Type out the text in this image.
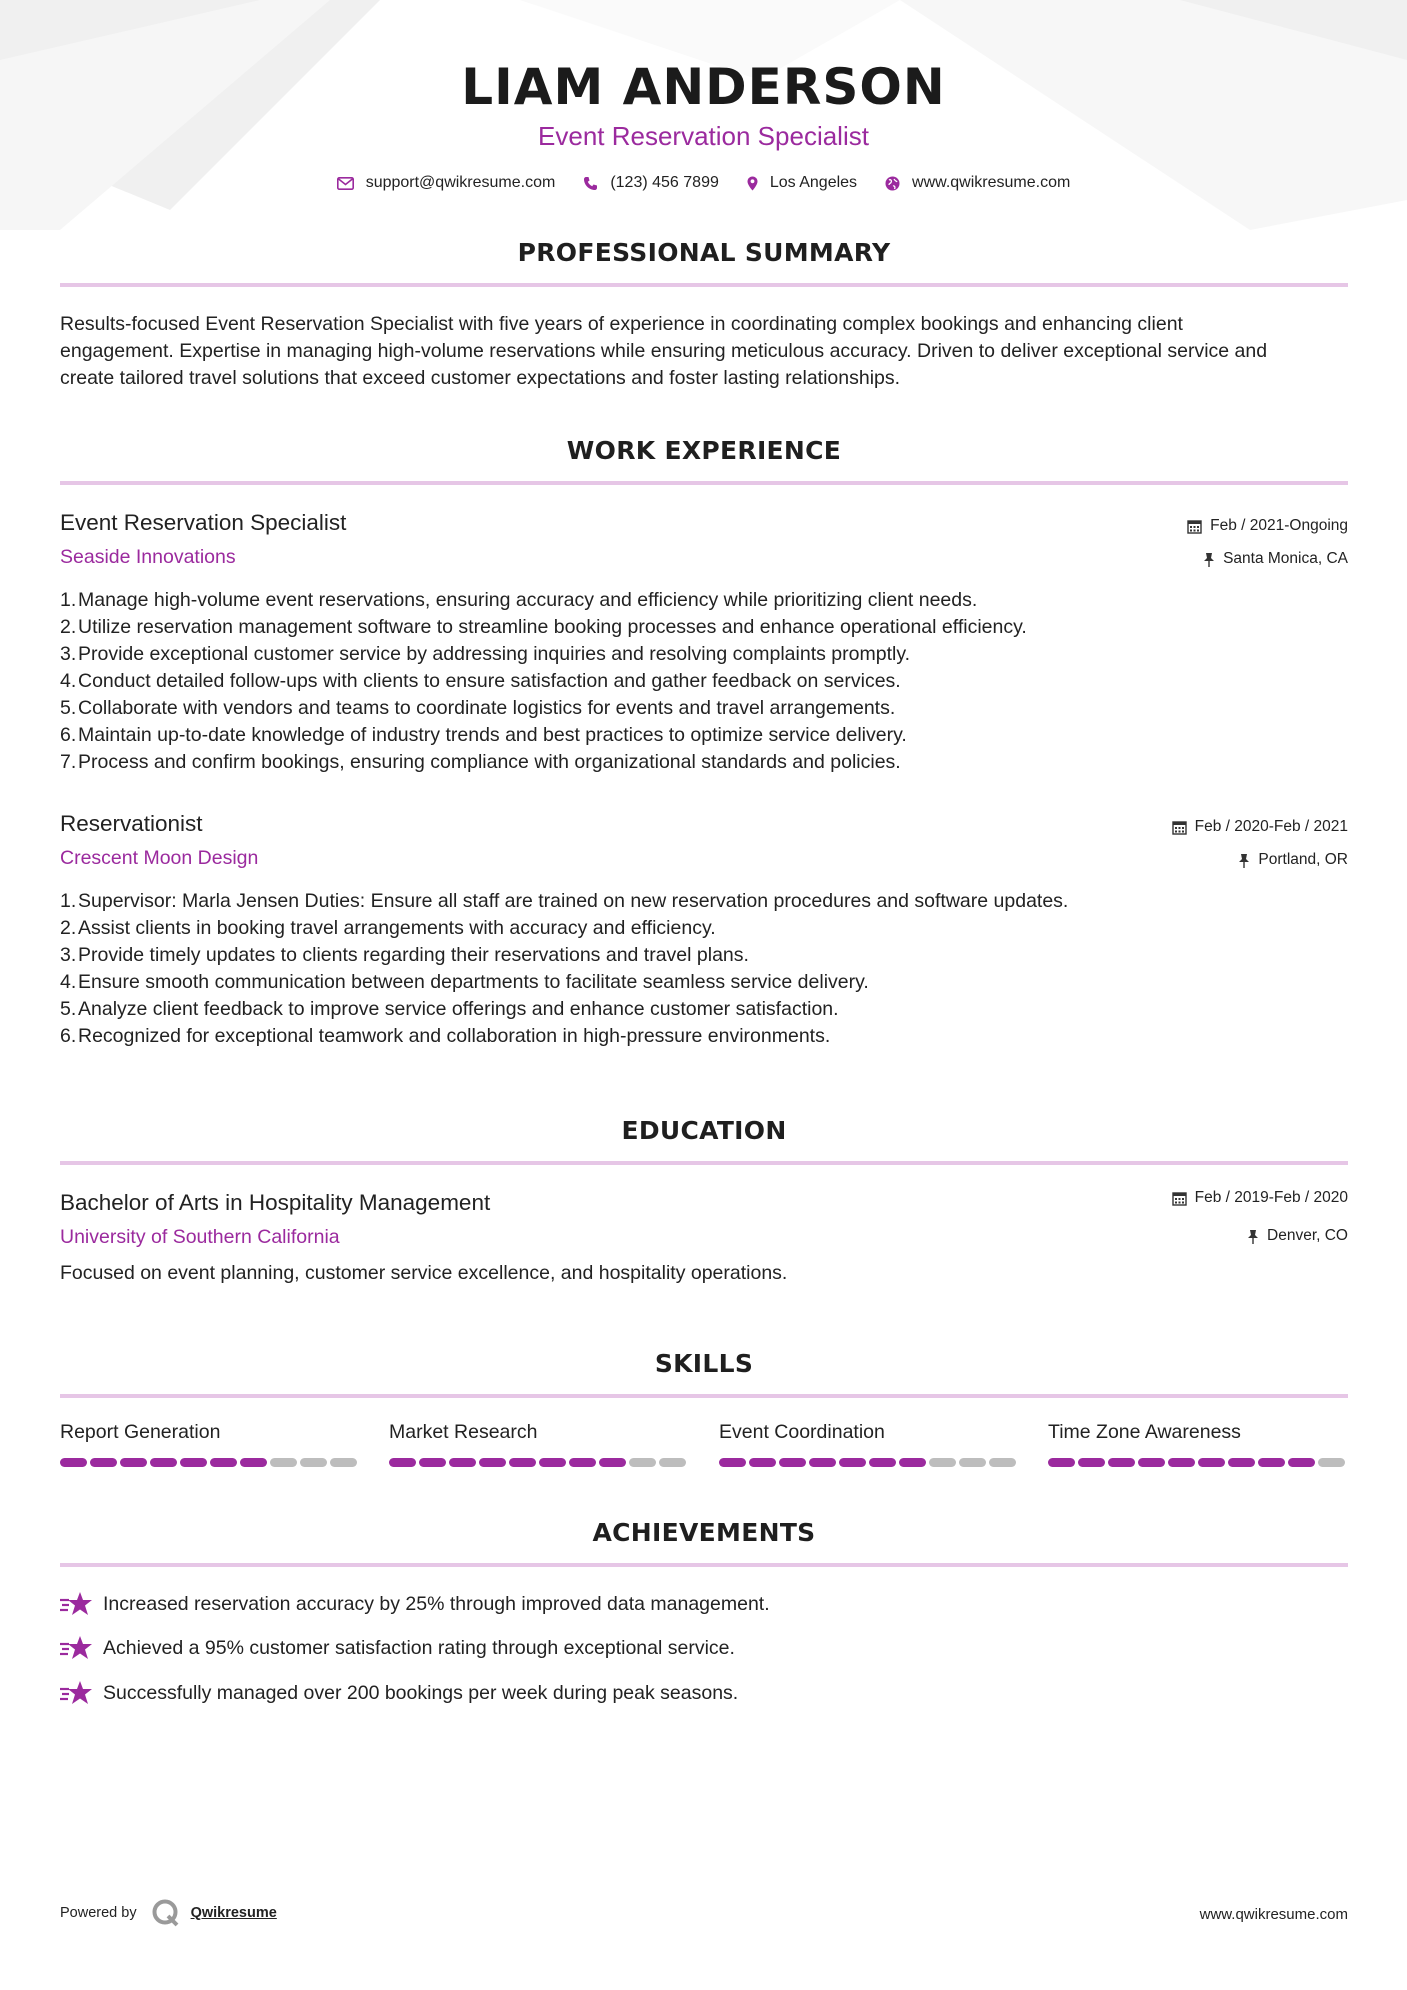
LIAM ANDERSON
Event Reservation Specialist
support@qwikresume.com	(123) 456 7899	Los Angeles	www.qwikresume.com
PROFESSIONAL SUMMARY
Results-focused Event Reservation Specialist with five years of experience in coordinating complex bookings and enhancing client
engagement. Expertise in managing high-volume reservations while ensuring meticulous accuracy. Driven to deliver exceptional service and
create tailored travel solutions that exceed customer expectations and foster lasting relationships.
WORK EXPERIENCE
Event Reservation Specialist
Seaside Innovations
Feb / 2021-Ongoing
Santa Monica, CA
1. Manage high-volume event reservations, ensuring accuracy and efficiency while prioritizing client needs.
2. Utilize reservation management software to streamline booking processes and enhance operational efficiency.
3. Provide exceptional customer service by addressing inquiries and resolving complaints promptly.
4. Conduct detailed follow-ups with clients to ensure satisfaction and gather feedback on services.
5. Collaborate with vendors and teams to coordinate logistics for events and travel arrangements.
6. Maintain up-to-date knowledge of industry trends and best practices to optimize service delivery.
7. Process and confirm bookings, ensuring compliance with organizational standards and policies.
Reservationist
Crescent Moon Design
Feb / 2020-Feb / 2021
Portland, OR
1. Supervisor: Marla Jensen Duties: Ensure all staff are trained on new reservation procedures and software updates.
2. Assist clients in booking travel arrangements with accuracy and efficiency.
3. Provide timely updates to clients regarding their reservations and travel plans.
4. Ensure smooth communication between departments to facilitate seamless service delivery.
5. Analyze client feedback to improve service offerings and enhance customer satisfaction.
6. Recognized for exceptional teamwork and collaboration in high-pressure environments.
EDUCATION
Bachelor of Arts in Hospitality Management
University of Southern California
Feb / 2019-Feb / 2020
Denver, CO
Focused on event planning, customer service excellence, and hospitality operations.
SKILLS
Report Generation	Market Research	Event Coordination	Time Zone Awareness
ACHIEVEMENTS
Increased reservation accuracy by 25% through improved data management.
Achieved a 95% customer satisfaction rating through exceptional service.
Successfully managed over 200 bookings per week during peak seasons.
Powered by	Qwikresume	www.qwikresume.com
